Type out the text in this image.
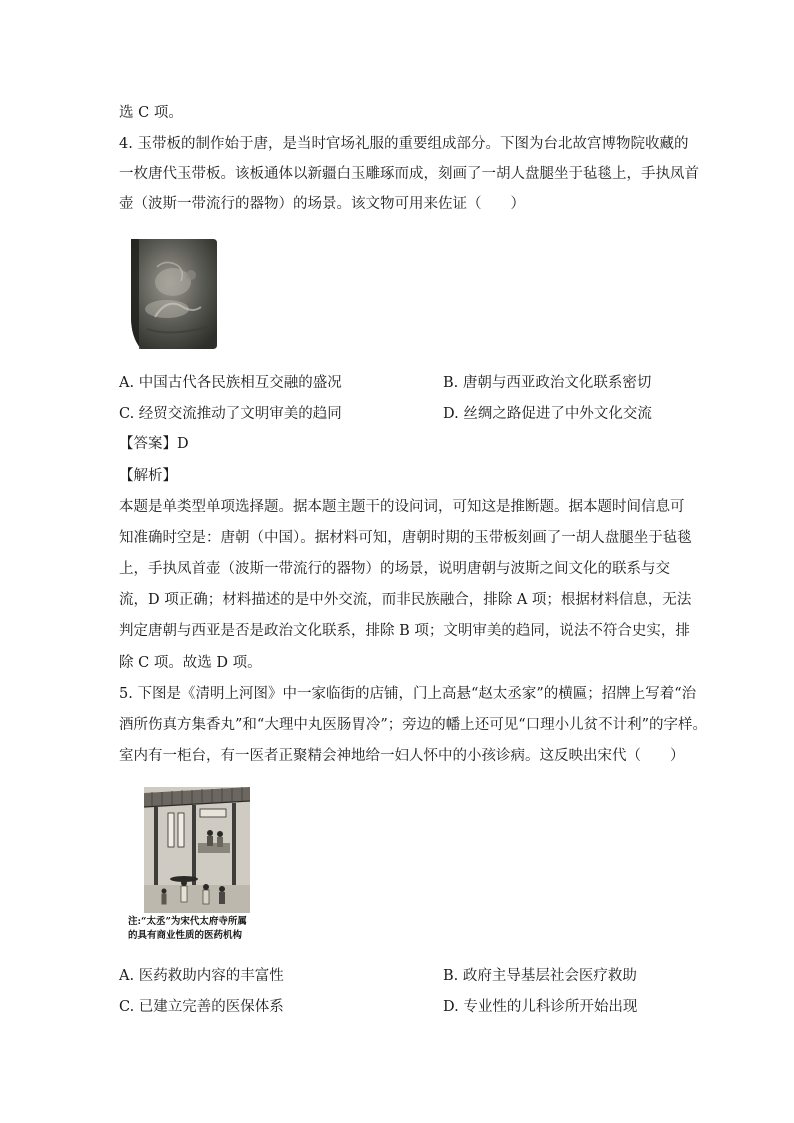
选 C 项。
4. 玉带板的制作始于唐，是当时官场礼服的重要组成部分。下图为台北故宫博物院收藏的
一枚唐代玉带板。该板通体以新疆白玉雕琢而成，刻画了一胡人盘腿坐于毡毯上，手执凤首
壶（波斯一带流行的器物）的场景。该文物可用来佐证（　　）
A. 中国古代各民族相互交融的盛况	B. 唐朝与西亚政治文化联系密切
C. 经贸交流推动了文明审美的趋同	D. 丝绸之路促进了中外文化交流
【答案】D
【解析】
本题是单类型单项选择题。据本题主题干的设问词，可知这是推断题。据本题时间信息可
知准确时空是：唐朝（中国）。据材料可知，唐朝时期的玉带板刻画了一胡人盘腿坐于毡毯
上，手执凤首壶（波斯一带流行的器物）的场景，说明唐朝与波斯之间文化的联系与交
流，D 项正确；材料描述的是中外交流，而非民族融合，排除 A 项；根据材料信息，无法
判定唐朝与西亚是否是政治文化联系，排除 B 项；文明审美的趋同，说法不符合史实，排
除 C 项。故选 D 项。
5. 下图是《清明上河图》中一家临街的店铺，门上高悬“赵太丞家”的横匾；招牌上写着“治
酒所伤真方集香丸”和“大理中丸医肠胃冷”；旁边的幡上还可见“口理小儿贫不计利”的字样。
室内有一柜台，有一医者正聚精会神地给一妇人怀中的小孩诊病。这反映出宋代（　　）
注:“太丞”为宋代太府寺所属
的具有商业性质的医药机构
A. 医药救助内容的丰富性	B. 政府主导基层社会医疗救助
C. 已建立完善的医保体系	D. 专业性的儿科诊所开始出现
